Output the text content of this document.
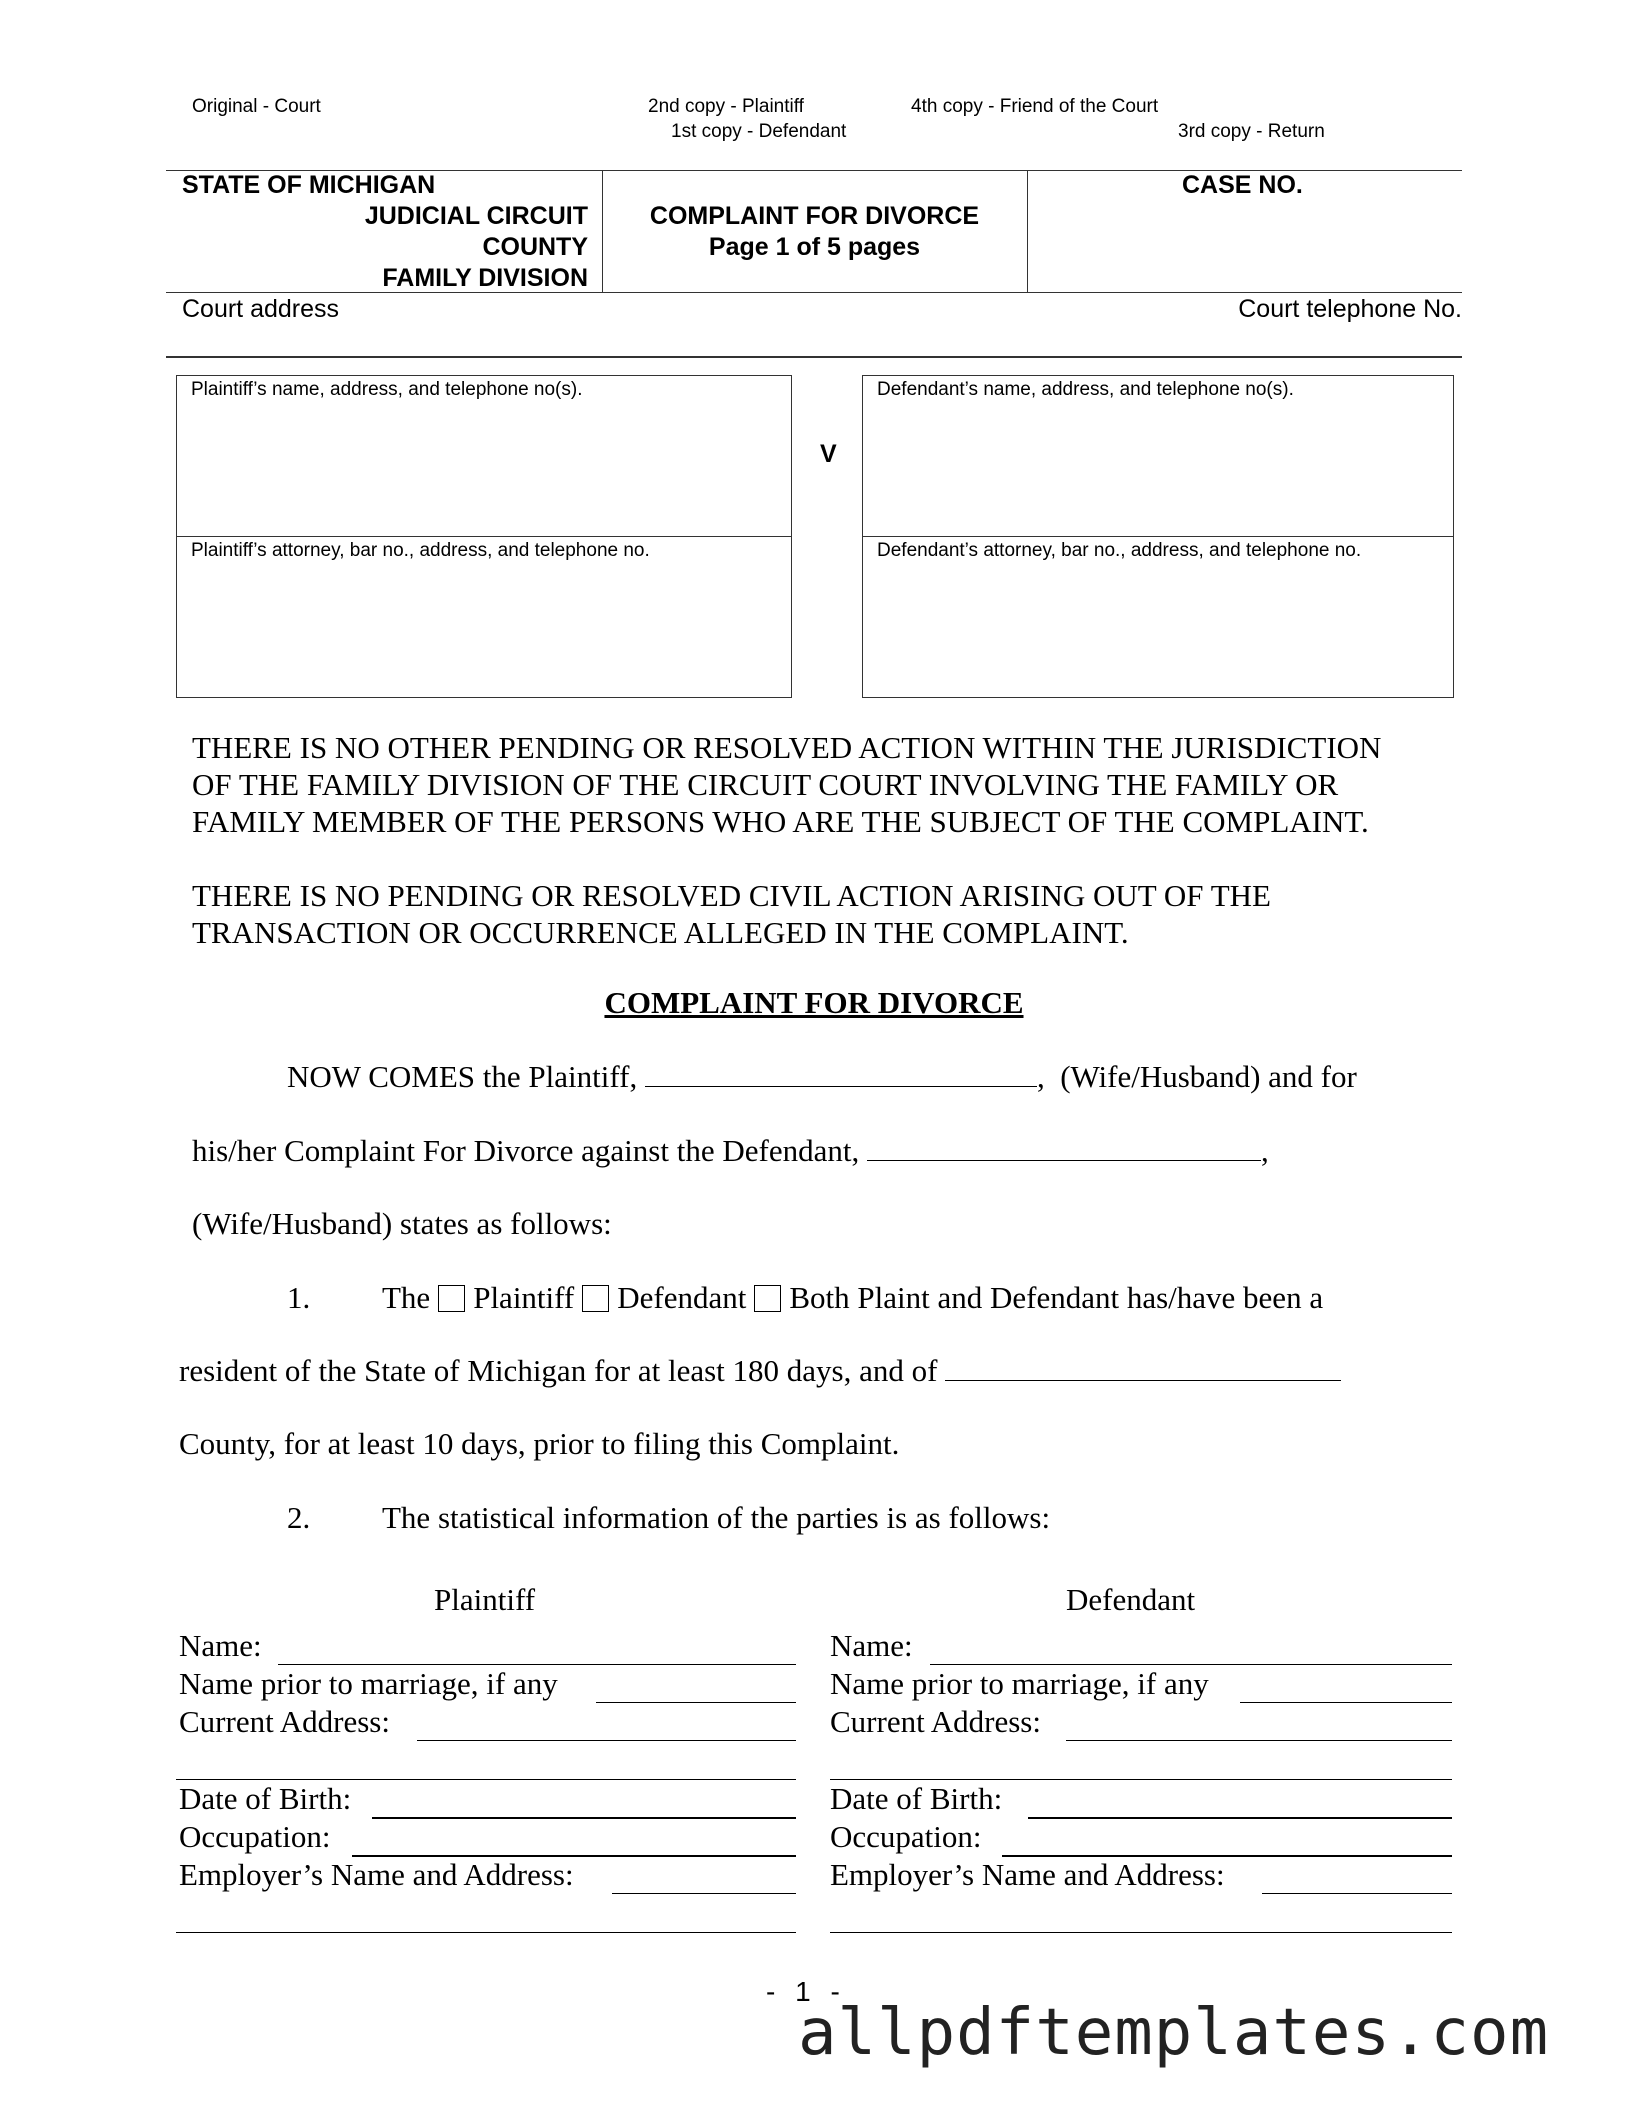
Original - Court	2nd copy - Plaintiff
1st copy - Defendant
4th copy - Friend of the Court
3rd copy - Return
STATE OF MICHIGAN
JUDICIAL CIRCUIT
COUNTY
FAMILY DIVISION
COMPLAINT FOR DIVORCE
Page 1 of 5 pages
CASE NO.
Court address	Court telephone No.
Plaintiff’s name, address, and telephone no(s).
Plaintiff’s attorney, bar no., address, and telephone no.
V
Defendant’s name, address, and telephone no(s).
Defendant’s attorney, bar no., address, and telephone no.
THERE IS NO OTHER PENDING OR RESOLVED ACTION WITHIN THE JURISDICTION
OF THE FAMILY DIVISION OF THE CIRCUIT COURT INVOLVING THE FAMILY OR
FAMILY MEMBER OF THE PERSONS WHO ARE THE SUBJECT OF THE COMPLAINT.
THERE IS NO PENDING OR RESOLVED CIVIL ACTION ARISING OUT OF THE
TRANSACTION OR OCCURRENCE ALLEGED IN THE COMPLAINT.
COMPLAINT FOR DIVORCE
NOW COMES the Plaintiff,	, (Wife/Husband) and for
his/her Complaint For Divorce against the Defendant,	,
(Wife/Husband) states as follows:
1. The Plaintiff Defendant Both Plaint and Defendant has/have been a
resident of the State of Michigan for at least 180 days, and of
County, for at least 10 days, prior to filing this Complaint.
2. The statistical information of the parties is as follows:
Plaintiff
Name:
Name prior to marriage, if any
Current Address:
Date of Birth:
Occupation:
Employer’s Name and Address:
Defendant
Name:
Name prior to marriage, if any
Current Address:
Date of Birth:
Occupation:
Employer’s Name and Address:
- 1 -
allpdftemplates.com
